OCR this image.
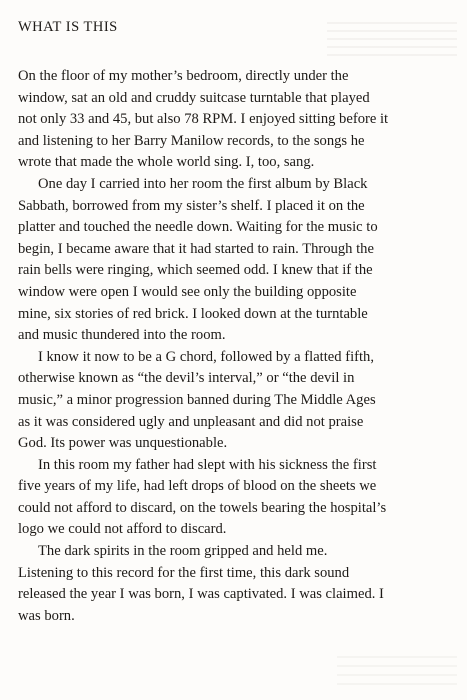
WHAT IS THIS

On the floor of my mother’s bedroom, directly under the
window, sat an old and cruddy suitcase turntable that played
not only 33 and 45, but also 78 RPM. I enjoyed sitting before it
and listening to her Barry Manilow records, to the songs he
wrote that made the whole world sing. I, too, sang.

One day I carried into her room the first album by Black
Sabbath, borrowed from my sister’s shelf. I placed it on the
platter and touched the needle down. Waiting for the music to
begin, I became aware that it had started to rain. Through the
rain bells were ringing, which seemed odd. I knew that if the
window were open I would see only the building opposite
mine, six stories of red brick. I looked down at the turntable
and music thundered into the room.

I know it now to be a G chord, followed by a flatted fifth,
otherwise known as “the devil’s interval,” or “the devil in
music,” a minor progression banned during The Middle Ages
as it was considered ugly and unpleasant and did not praise
God. Its power was unquestionable.

In this room my father had slept with his sickness the first
five years of my life, had left drops of blood on the sheets we
could not afford to discard, on the towels bearing the hospital’s
logo we could not afford to discard.

The dark spirits in the room gripped and held me.
Listening to this record for the first time, this dark sound
released the year I was born, I was captivated. I was claimed. I
was born.
